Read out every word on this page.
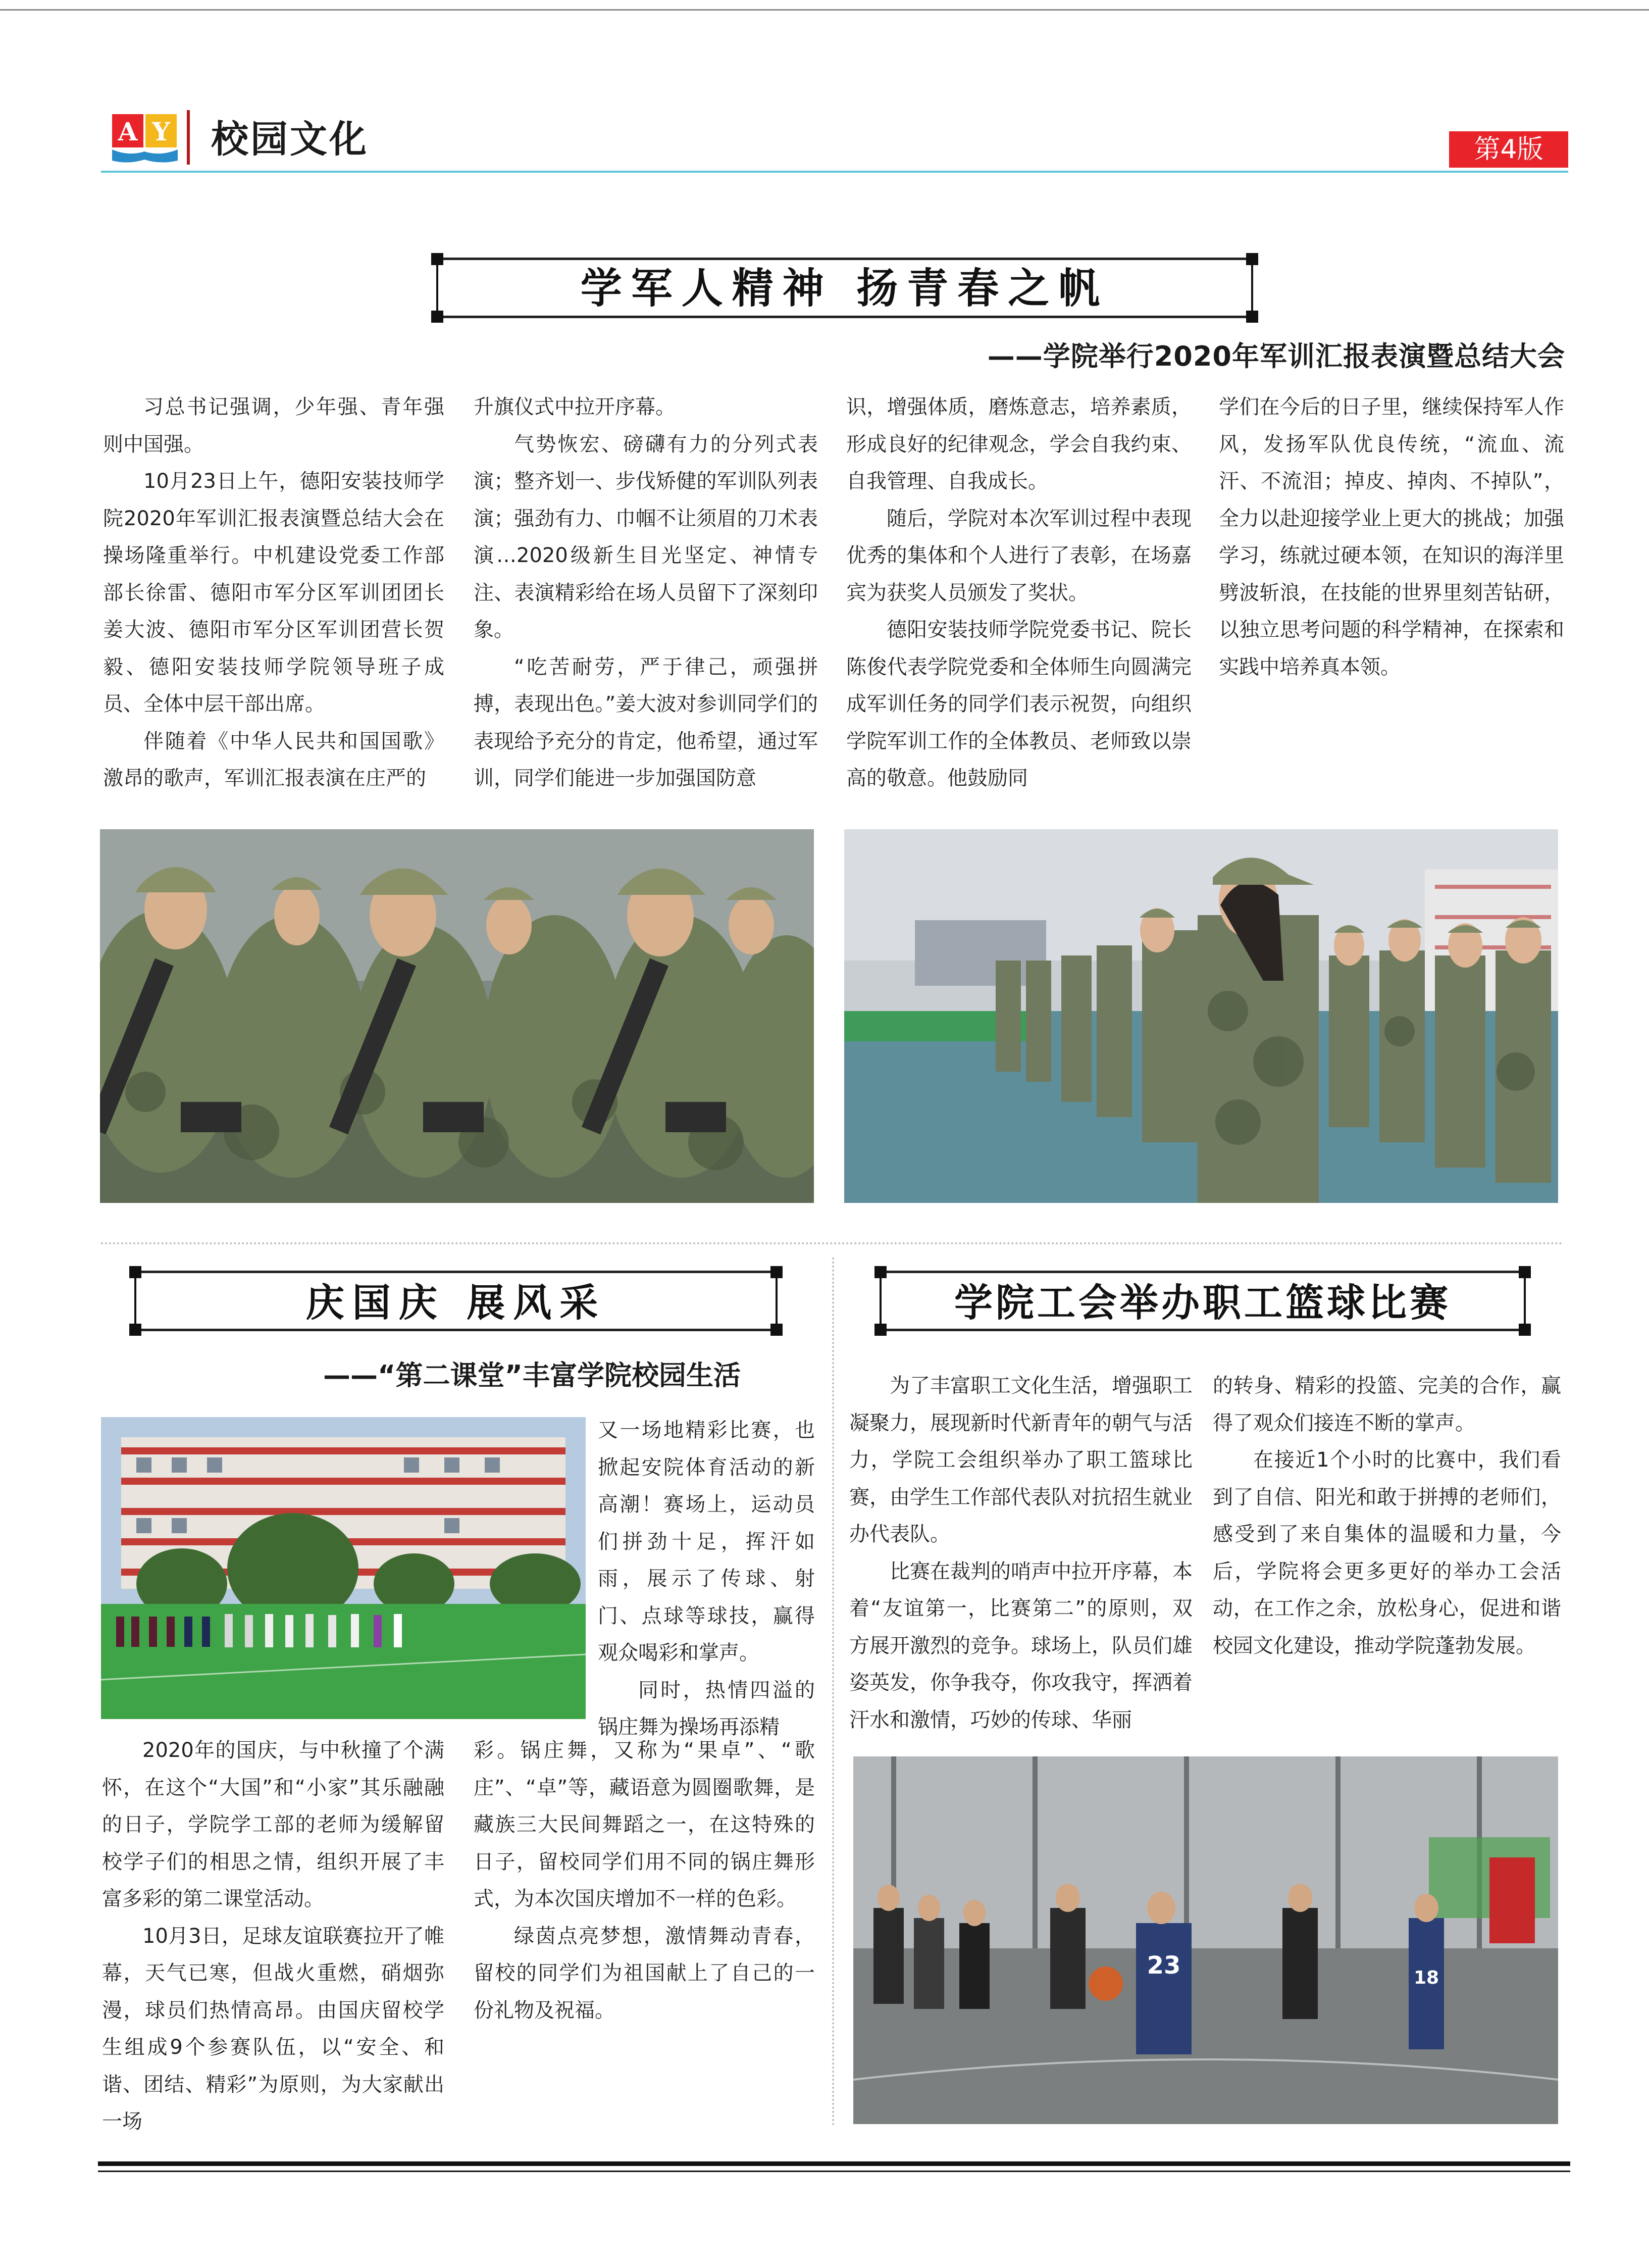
A Y 校园文化	第4版
学军人精神 扬青春之帆
——学院举行2020年军训汇报表演暨总结大会

习总书记强调，少年强、青年强则中国强。

10月23日上午，德阳安装技师学院2020年军训汇报表演暨总结大会在操场隆重举行。中机建设党委工作部部长徐雷、德阳市军分区军训团团长姜大波、德阳市军分区军训团营长贺毅、德阳安装技师学院领导班子成员、全体中层干部出席。

伴随着《中华人民共和国国歌》激昂的歌声，军训汇报表演在庄严的

升旗仪式中拉开序幕。

气势恢宏、磅礴有力的分列式表演；整齐划一、步伐矫健的军训队列表演；强劲有力、巾帼不让须眉的刀术表演…2020级新生目光坚定、神情专注、表演精彩给在场人员留下了深刻印象。

“吃苦耐劳，严于律己，顽强拼搏，表现出色。”姜大波对参训同学们的表现给予充分的肯定，他希望，通过军训，同学们能进一步加强国防意

识，增强体质，磨炼意志，培养素质，形成良好的纪律观念，学会自我约束、自我管理、自我成长。

随后，学院对本次军训过程中表现优秀的集体和个人进行了表彰，在场嘉宾为获奖人员颁发了奖状。

德阳安装技师学院党委书记、院长陈俊代表学院党委和全体师生向圆满完成军训任务的同学们表示祝贺，向组织学院军训工作的全体教员、老师致以崇高的敬意。他鼓励同

学们在今后的日子里，继续保持军人作风，发扬军队优良传统，“流血、流汗、不流泪；掉皮、掉肉、不掉队”，全力以赴迎接学业上更大的挑战；加强学习，练就过硬本领，在知识的海洋里劈波斩浪，在技能的世界里刻苦钻研，以独立思考问题的科学精神，在探索和实践中培养真本领。

庆国庆 展风采
——“第二课堂”丰富学院校园生活

又一场地精彩比赛，也掀起安院体育活动的新高潮！赛场上，运动员们拼劲十足，挥汗如雨，展示了传球、射门、点球等球技，赢得观众喝彩和掌声。

同时，热情四溢的锅庄舞为操场再添精

2020年的国庆，与中秋撞了个满怀，在这个“大国”和“小家”其乐融融的日子，学院学工部的老师为缓解留校学子们的相思之情，组织开展了丰富多彩的第二课堂活动。

10月3日，足球友谊联赛拉开了帷幕，天气已寒，但战火重燃，硝烟弥漫，球员们热情高昂。由国庆留校学生组成9个参赛队伍，以“安全、和谐、团结、精彩”为原则，为大家献出一场

彩。锅庄舞，又称为“果卓”、“歌庄”、“卓”等，藏语意为圆圈歌舞，是藏族三大民间舞蹈之一，在这特殊的日子，留校同学们用不同的锅庄舞形式，为本次国庆增加不一样的色彩。

绿茵点亮梦想，激情舞动青春，留校的同学们为祖国献上了自己的一份礼物及祝福。

学院工会举办职工篮球比赛

为了丰富职工文化生活，增强职工凝聚力，展现新时代新青年的朝气与活力，学院工会组织举办了职工篮球比赛，由学生工作部代表队对抗招生就业办代表队。

比赛在裁判的哨声中拉开序幕，本着“友谊第一，比赛第二”的原则，双方展开激烈的竞争。球场上，队员们雄姿英发，你争我夺，你攻我守，挥洒着汗水和激情，巧妙的传球、华丽

的转身、精彩的投篮、完美的合作，赢得了观众们接连不断的掌声。

在接近1个小时的比赛中，我们看到了自信、阳光和敢于拼搏的老师们，感受到了来自集体的温暖和力量，今后，学院将会更多更好的举办工会活动，在工作之余，放松身心，促进和谐校园文化建设，推动学院蓬勃发展。

23	18
